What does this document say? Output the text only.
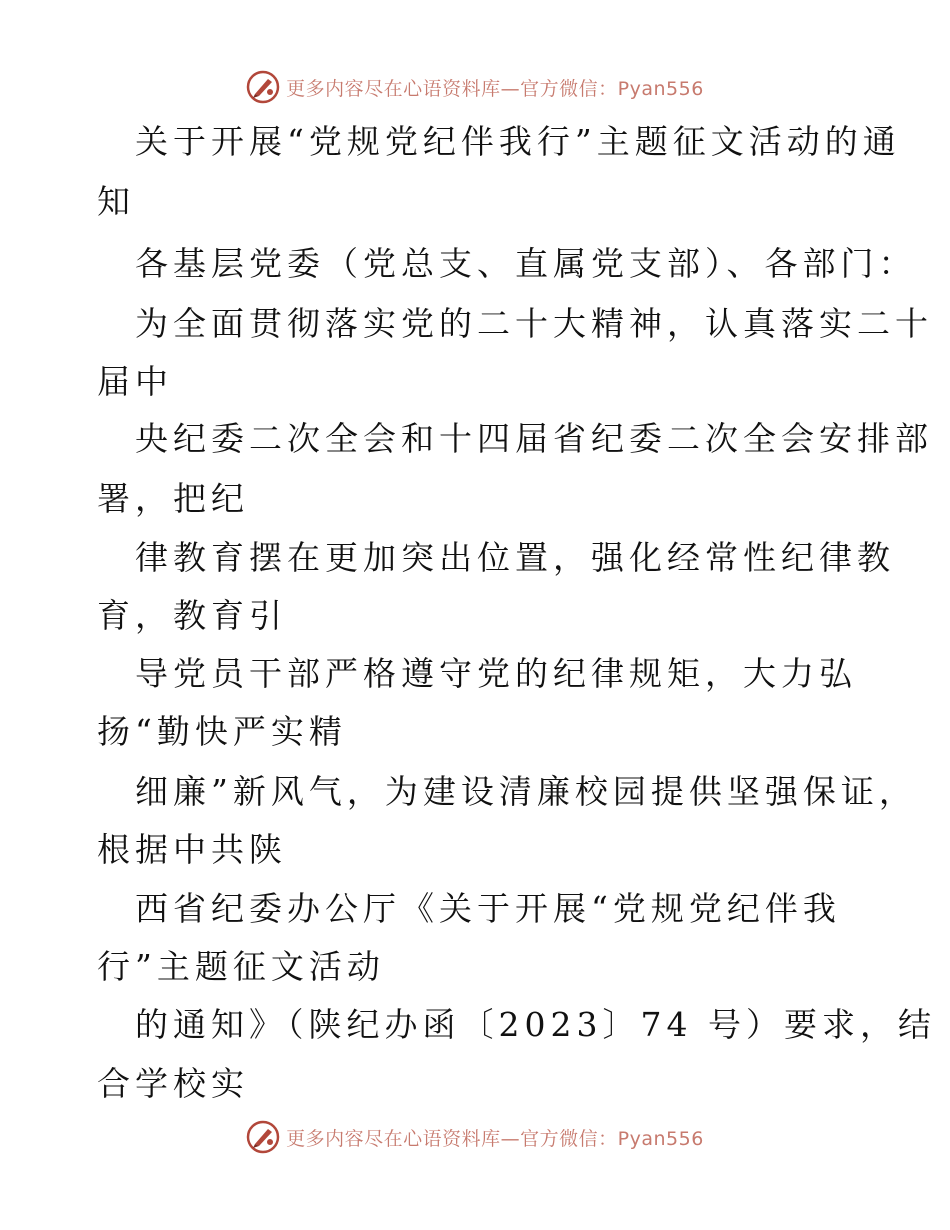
更多内容尽在心语资料库—官方微信：Pyan556
关于开展“党规党纪伴我行”主题征文活动的通
知
各基层党委（党总支、直属党支部）、各部门：
为全面贯彻落实党的二十大精神，认真落实二十
届中
央纪委二次全会和十四届省纪委二次全会安排部
署，把纪
律教育摆在更加突出位置，强化经常性纪律教
育，教育引
导党员干部严格遵守党的纪律规矩，大力弘
扬“勤快严实精
细廉”新风气，为建设清廉校园提供坚强保证，
根据中共陕
西省纪委办公厅《关于开展“党规党纪伴我
行”主题征文活动
的通知》（陕纪办函〔2023〕74 号）要求，结
合学校实
更多内容尽在心语资料库—官方微信：Pyan556
